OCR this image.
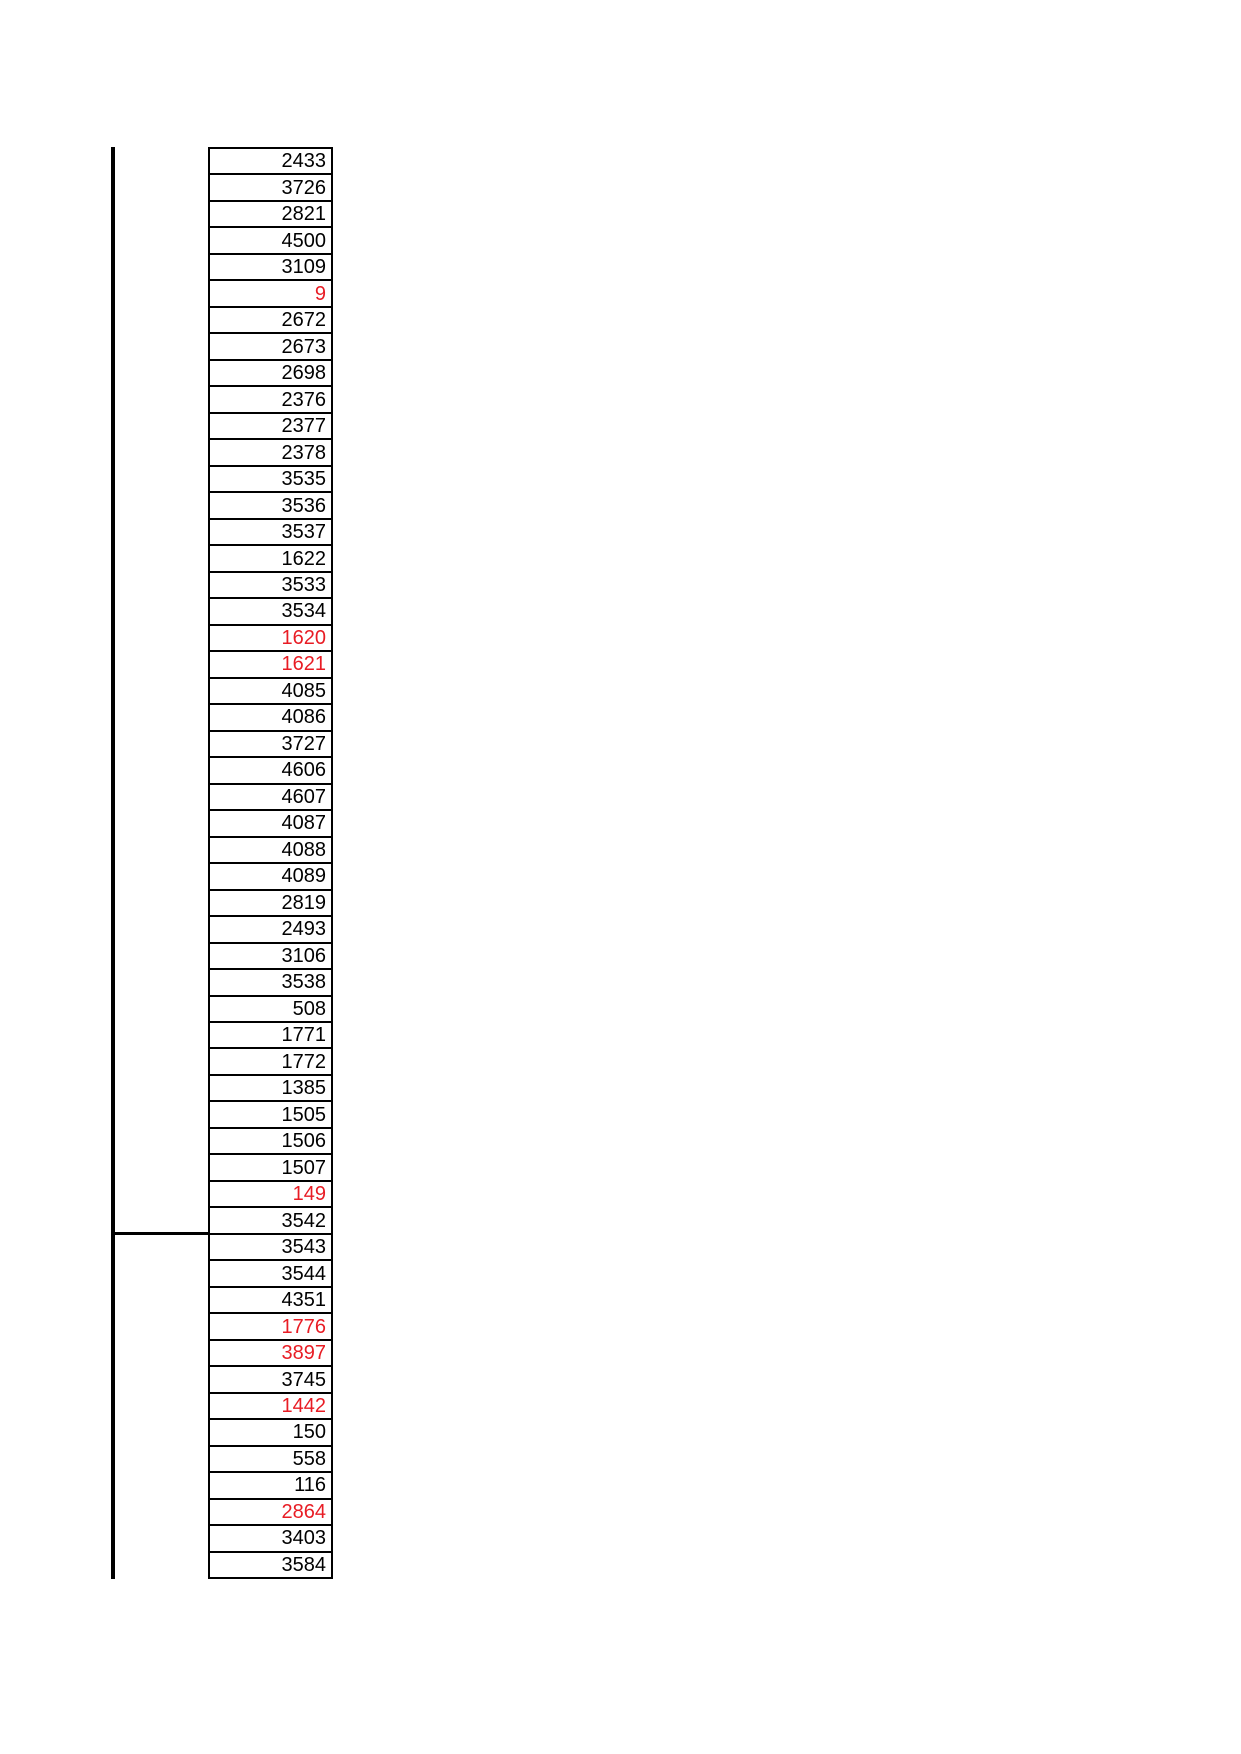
2433
3726
2821
4500
3109
9
2672
2673
2698
2376
2377
2378
3535
3536
3537
1622
3533
3534
1620
1621
4085
4086
3727
4606
4607
4087
4088
4089
2819
2493
3106
3538
508
1771
1772
1385
1505
1506
1507
149
3542
3543
3544
4351
1776
3897
3745
1442
150
558
116
2864
3403
3584
